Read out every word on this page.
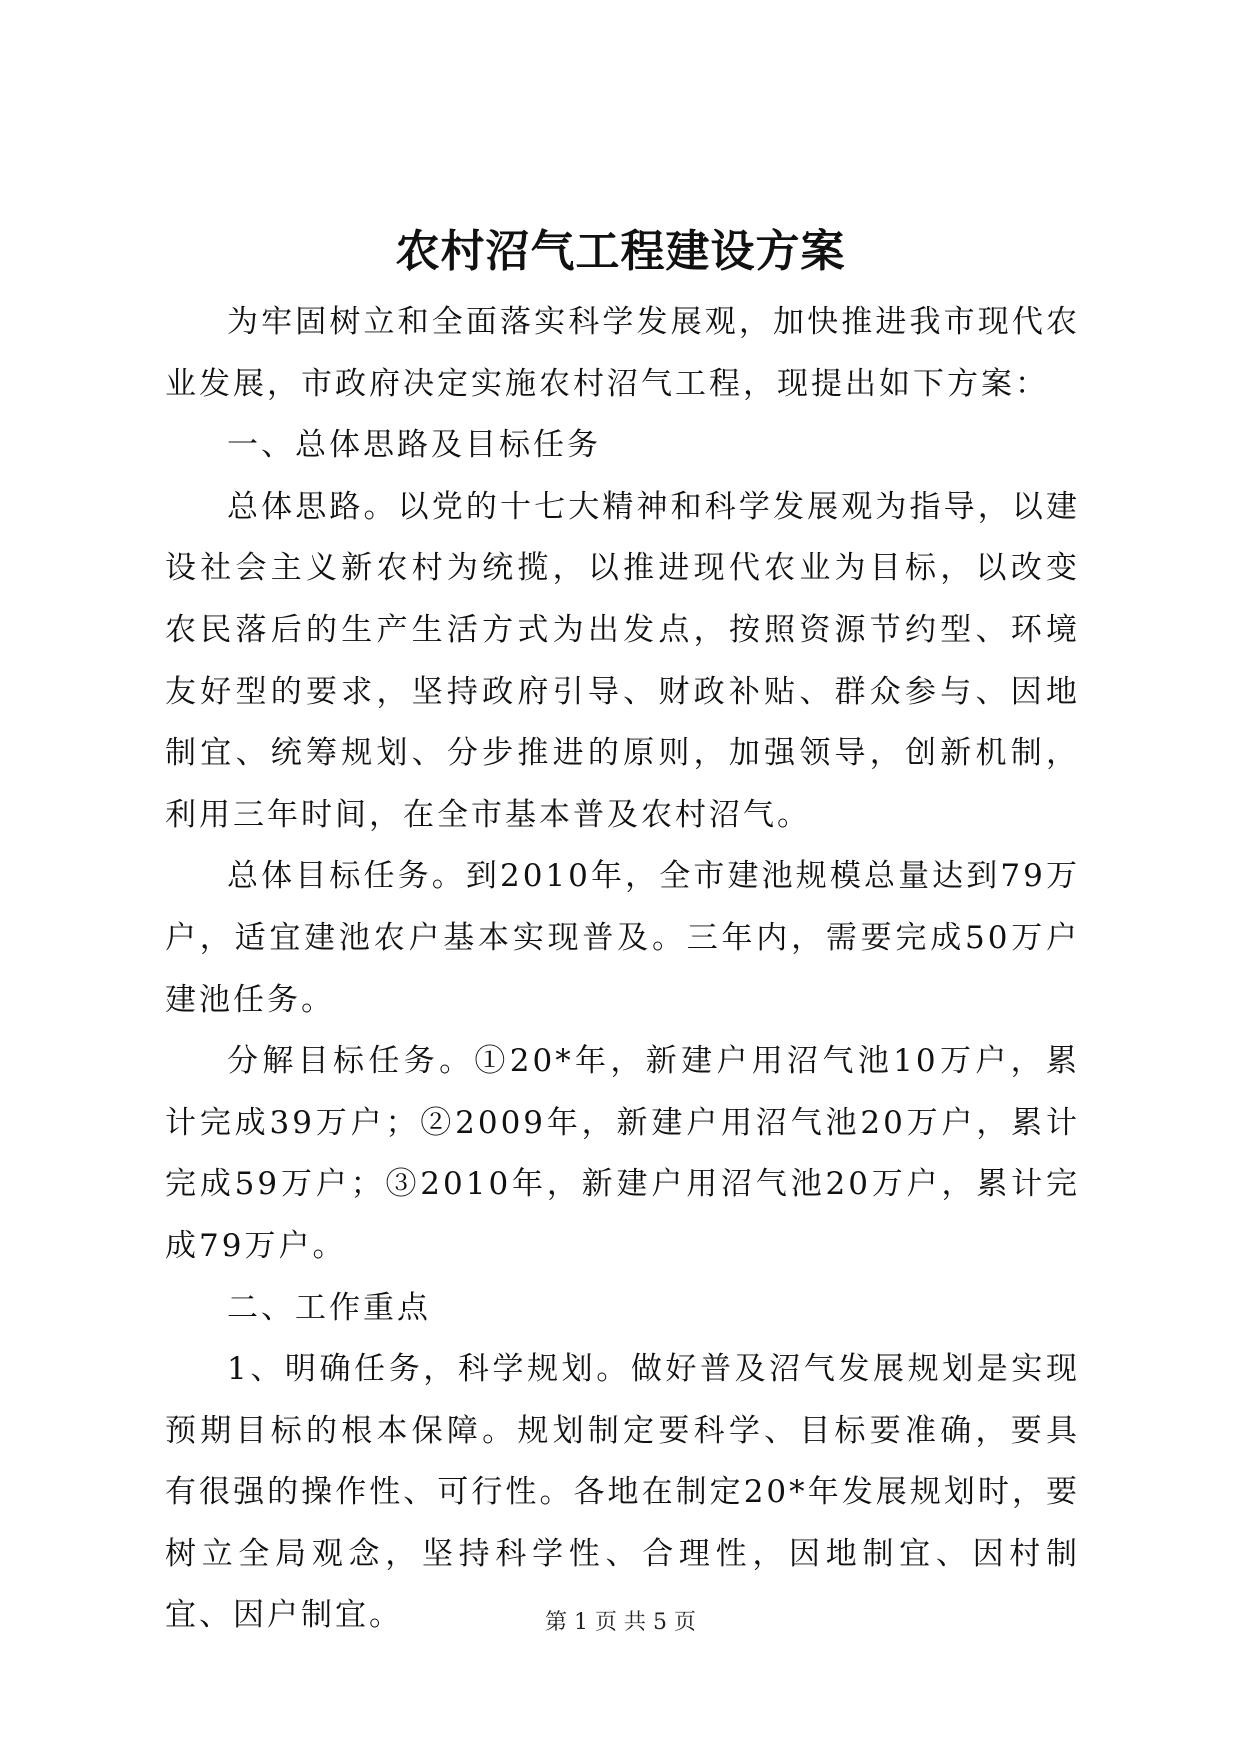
农村沼气工程建设方案

为牢固树立和全面落实科学发展观，加快推进我市现代农业发展，市政府决定实施农村沼气工程，现提出如下方案：

一、总体思路及目标任务

总体思路。以党的十七大精神和科学发展观为指导，以建设社会主义新农村为统揽，以推进现代农业为目标，以改变农民落后的生产生活方式为出发点，按照资源节约型、环境友好型的要求，坚持政府引导、财政补贴、群众参与、因地制宜、统筹规划、分步推进的原则，加强领导，创新机制，利用三年时间，在全市基本普及农村沼气。

总体目标任务。到2010年，全市建池规模总量达到79万户，适宜建池农户基本实现普及。三年内，需要完成50万户建池任务。

分解目标任务。①20*年，新建户用沼气池10万户，累计完成39万户；②2009年，新建户用沼气池20万户，累计完成59万户；③2010年，新建户用沼气池20万户，累计完成79万户。

二、工作重点

1、明确任务，科学规划。做好普及沼气发展规划是实现预期目标的根本保障。规划制定要科学、目标要准确，要具有很强的操作性、可行性。各地在制定20*年发展规划时，要树立全局观念，坚持科学性、合理性，因地制宜、因村制宜、因户制宜。	第 1 页 共 5 页
